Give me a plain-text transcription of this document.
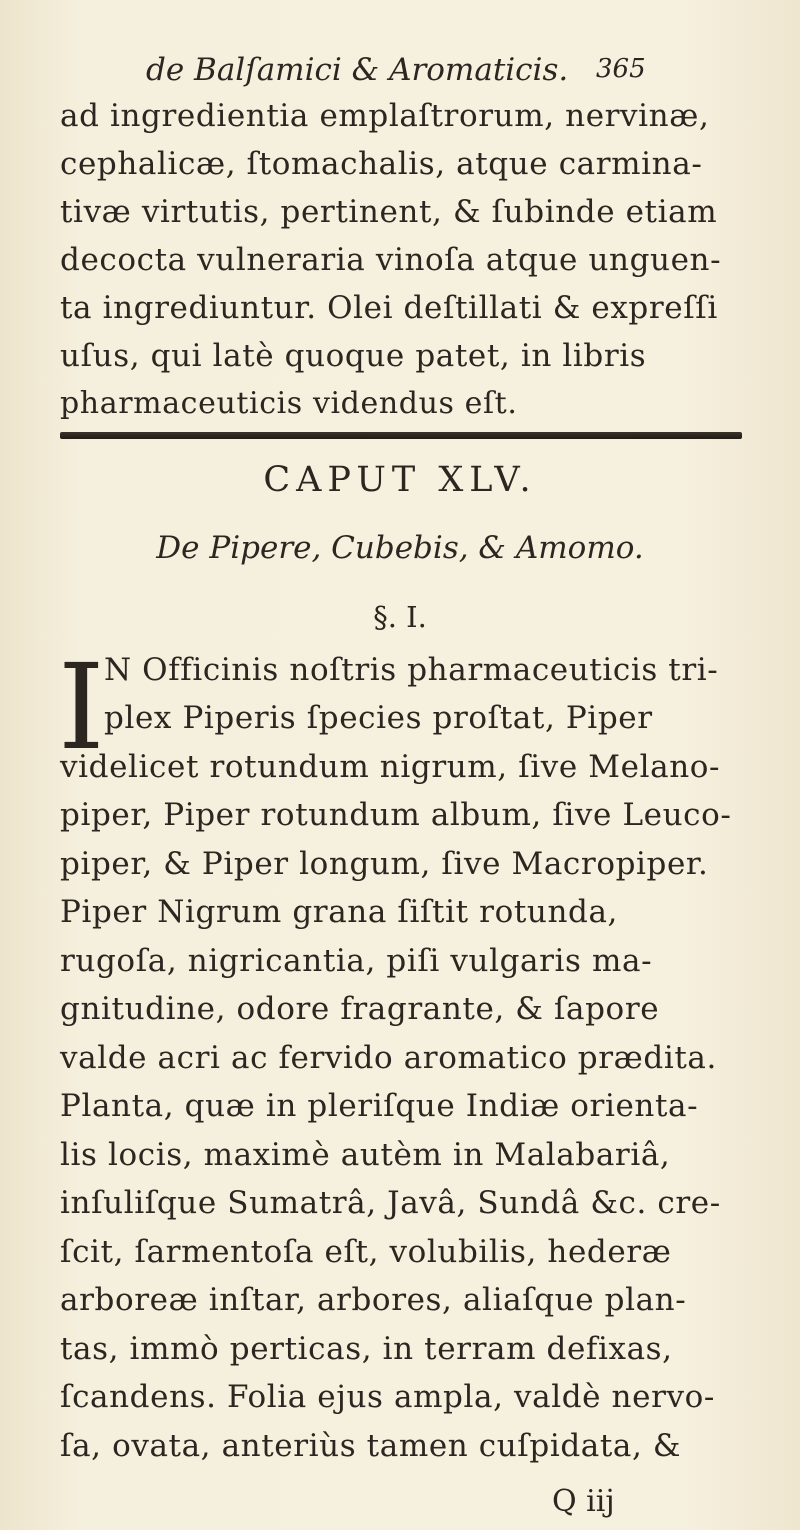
de Balſamici & Aromaticis. 365
ad ingredientia emplaſtrorum, nervinæ,
cephalicæ, ſtomachalis, atque carmina-
tivæ virtutis, pertinent, & ſubinde etiam
decocta vulneraria vinoſa atque unguen-
ta ingrediuntur. Olei deſtillati & expreſſi
uſus, qui latè quoque patet, in libris
pharmaceuticis videndus eſt.
CAPUT XLV.
De Pipere, Cubebis, & Amomo.
§. I.
I N Officinis noſtris pharmaceuticis tri-
plex Piperis ſpecies proſtat, Piper
videlicet rotundum nigrum, ſive Melano-
piper, Piper rotundum album, ſive Leuco-
piper, & Piper longum, ſive Macropiper.
Piper Nigrum grana ſiſtit rotunda,
rugoſa, nigricantia, piſi vulgaris ma-
gnitudine, odore fragrante, & ſapore
valde acri ac fervido aromatico prædita.
Planta, quæ in pleriſque Indiæ orienta-
lis locis, maximè autèm in Malabariâ,
inſuliſque Sumatrâ, Javâ, Sundâ &c. cre-
ſcit, ſarmentoſa eſt, volubilis, hederæ
arboreæ inſtar, arbores, aliaſque plan-
tas, immò perticas, in terram defixas,
ſcandens. Folia ejus ampla, valdè nervo-
ſa, ovata, anteriùs tamen cuſpidata, &
Q iij
